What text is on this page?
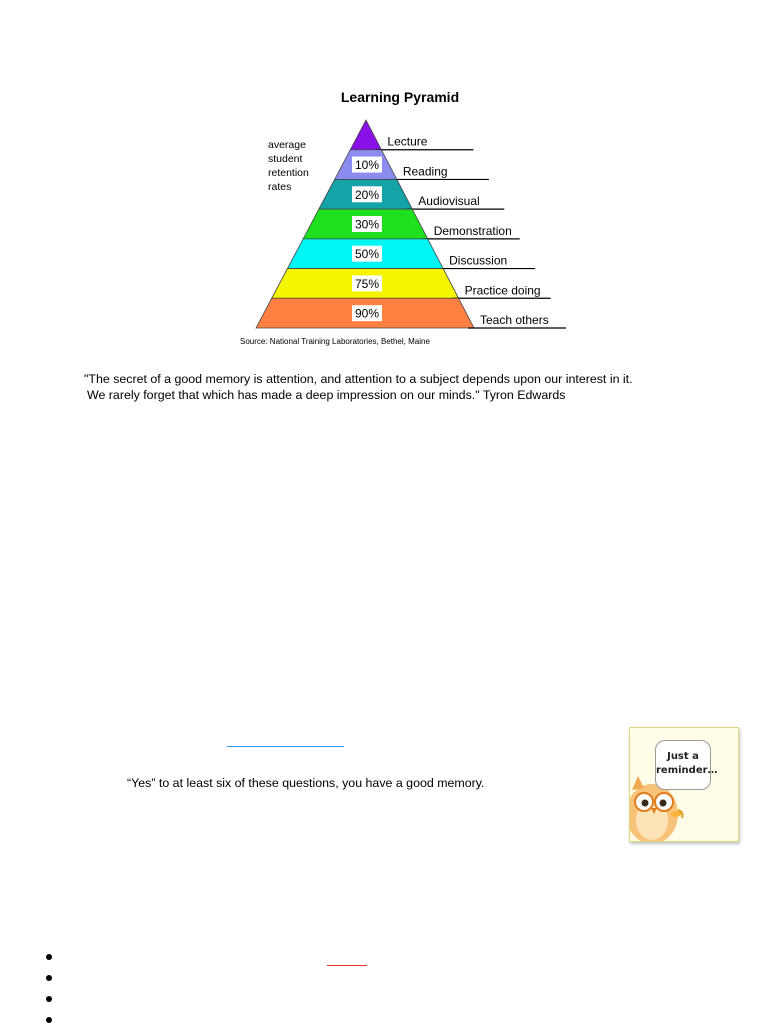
Learning Pyramid
average
student
retention
rates
Lecture
10% Reading
20%	Audiovisual
30%	Demonstration
50%	Discussion
75%	Practice doing
90%	Teach others
Source: National Training Laboratories, Bethel, Maine
"The secret of a good memory is attention, and attention to a subject depends upon our interest in it.
We rarely forget that which has made a deep impression on our minds." Tyron Edwards
“Yes” to at least six of these questions, you have a good memory.
Just a
reminder…
